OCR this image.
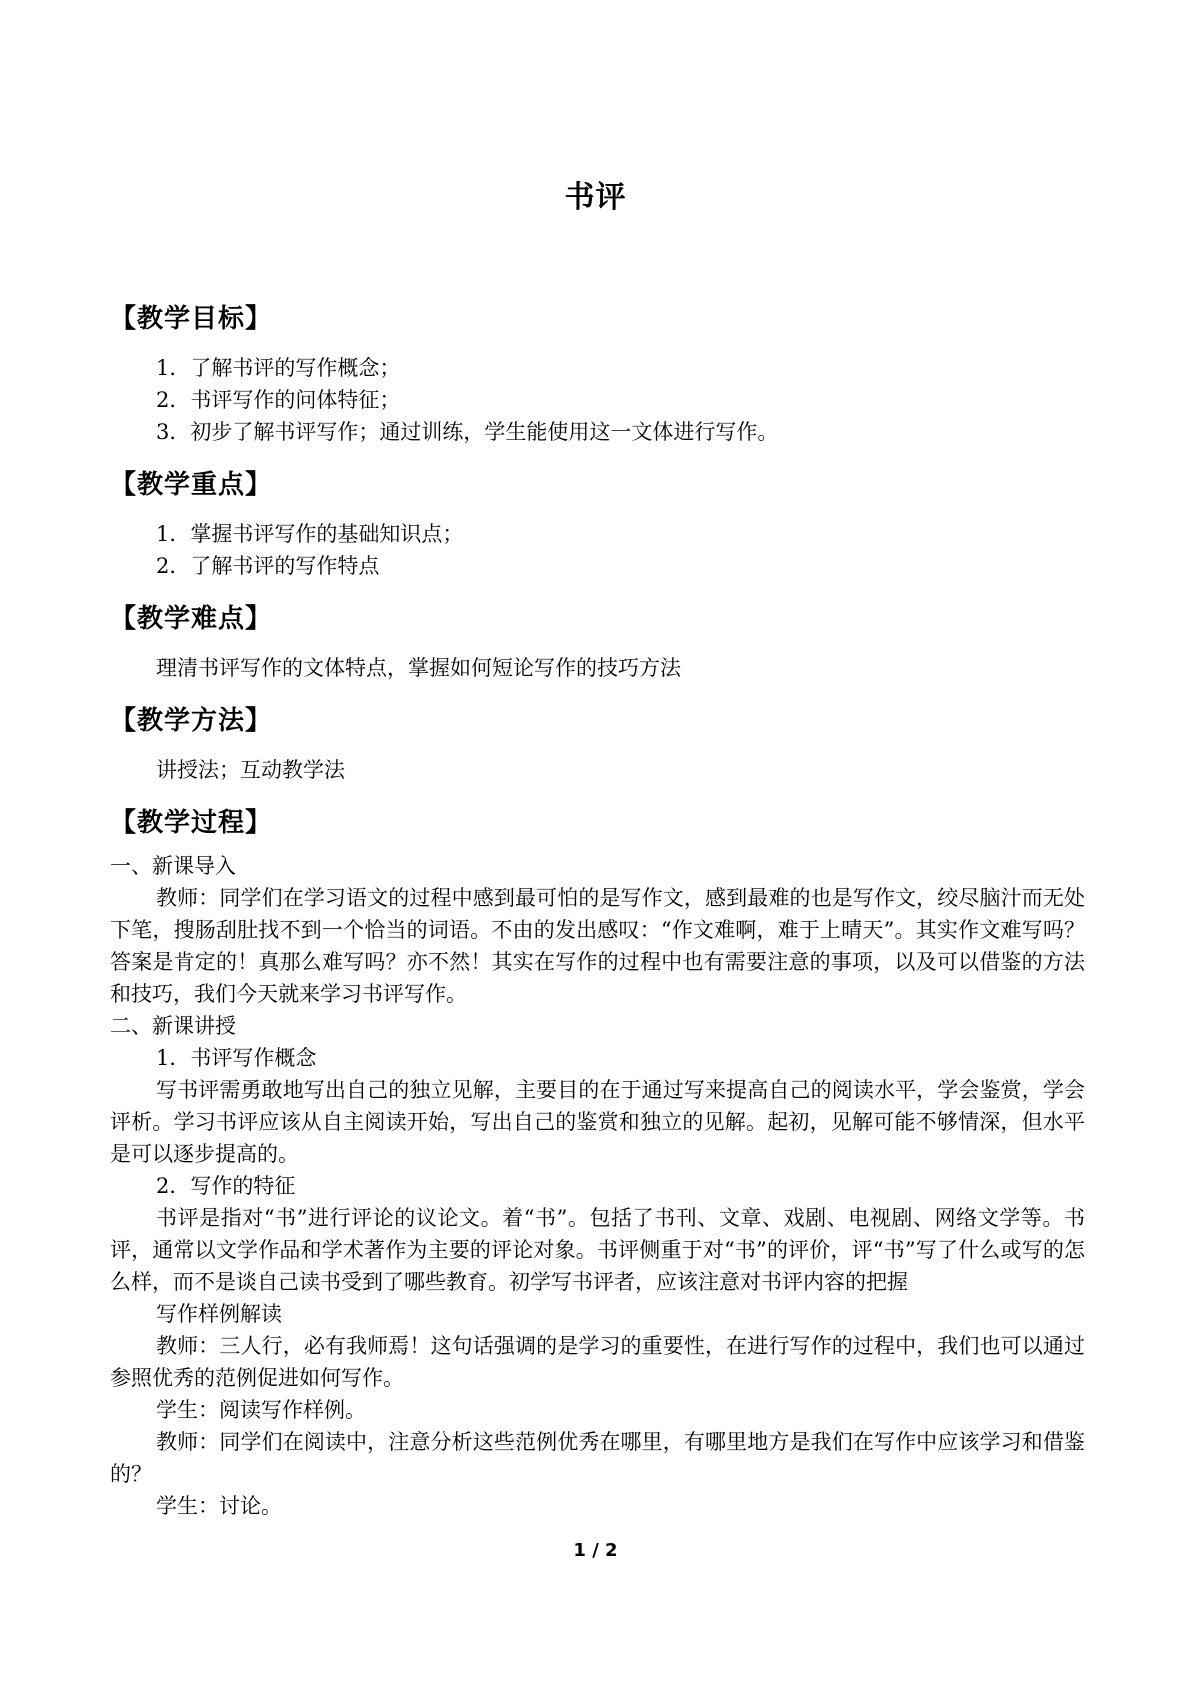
书评
【教学目标】
1．了解书评的写作概念；
2．书评写作的问体特征；
3．初步了解书评写作；通过训练，学生能使用这一文体进行写作。
【教学重点】
1．掌握书评写作的基础知识点；
2．了解书评的写作特点
【教学难点】
理清书评写作的文体特点，掌握如何短论写作的技巧方法
【教学方法】
讲授法；互动教学法
【教学过程】
一、新课导入

教师：同学们在学习语文的过程中感到最可怕的是写作文，感到最难的也是写作文，绞尽脑汁而无处下笔，搜肠刮肚找不到一个恰当的词语。不由的发出感叹：“作文难啊，难于上晴天”。其实作文难写吗？答案是肯定的！真那么难写吗？亦不然！其实在写作的过程中也有需要注意的事项，以及可以借鉴的方法和技巧，我们今天就来学习书评写作。

二、新课讲授
1．书评写作概念

写书评需勇敢地写出自己的独立见解，主要目的在于通过写来提高自己的阅读水平，学会鉴赏，学会评析。学习书评应该从自主阅读开始，写出自己的鉴赏和独立的见解。起初，见解可能不够情深，但水平是可以逐步提高的。

2．写作的特征

书评是指对“书”进行评论的议论文。着“书”。包括了书刊、文章、戏剧、电视剧、网络文学等。书评，通常以文学作品和学术著作为主要的评论对象。书评侧重于对“书”的评价，评“书”写了什么或写的怎么样，而不是谈自己读书受到了哪些教育。初学写书评者，应该注意对书评内容的把握

写作样例解读

教师：三人行，必有我师焉！这句话强调的是学习的重要性，在进行写作的过程中，我们也可以通过参照优秀的范例促进如何写作。

学生：阅读写作样例。

教师：同学们在阅读中，注意分析这些范例优秀在哪里，有哪里地方是我们在写作中应该学习和借鉴的？

学生：讨论。

1 / 2
